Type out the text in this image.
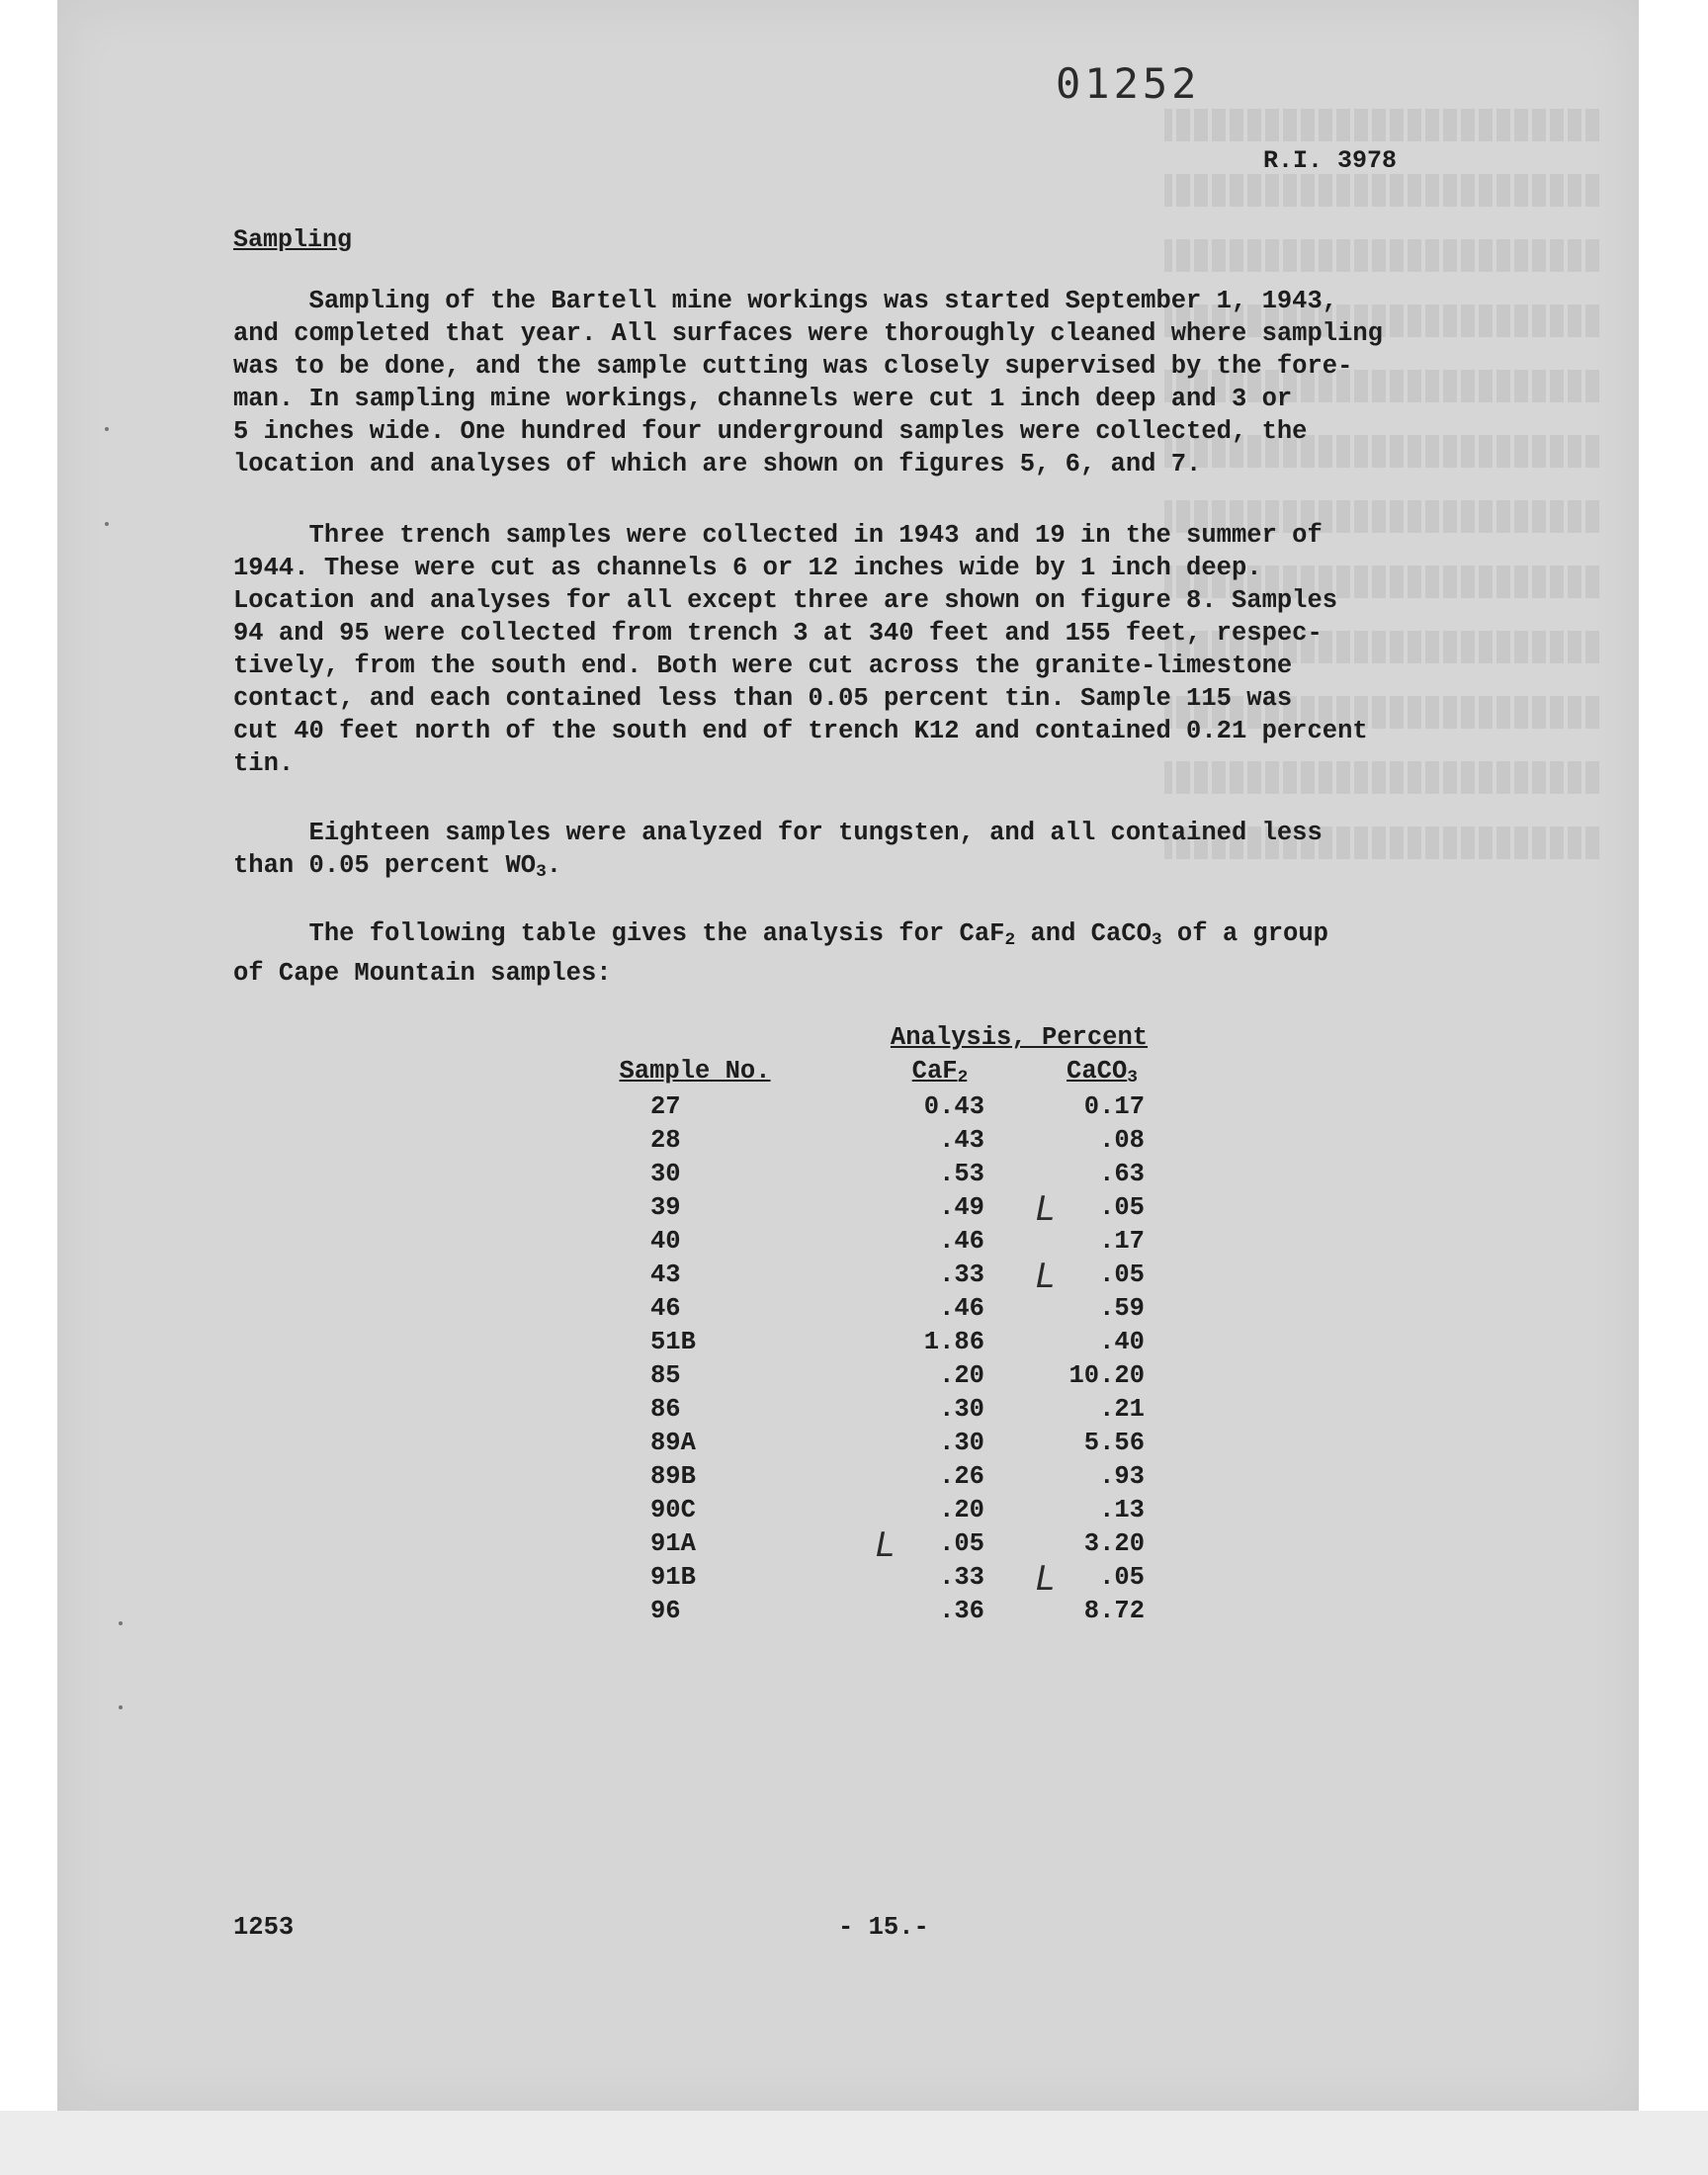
01252
R.I. 3978
Sampling

Sampling of the Bartell mine workings was started September 1, 1943,

and completed that year. All surfaces were thoroughly cleaned where sampling

was to be done, and the sample cutting was closely supervised by the fore-

man. In sampling mine workings, channels were cut 1 inch deep and 3 or

5 inches wide. One hundred four underground samples were collected, the

location and analyses of which are shown on figures 5, 6, and 7.

Three trench samples were collected in 1943 and 19 in the summer of

1944. These were cut as channels 6 or 12 inches wide by 1 inch deep.

Location and analyses for all except three are shown on figure 8. Samples

94 and 95 were collected from trench 3 at 340 feet and 155 feet, respec-

tively, from the south end. Both were cut across the granite-limestone

contact, and each contained less than 0.05 percent tin. Sample 115 was

cut 40 feet north of the south end of trench K12 and contained 0.21 percent

tin.

Eighteen samples were analyzed for tungsten, and all contained less

than 0.05 percent $WO_3$.

The following table gives the analysis for CaF$_2$ and CaCO$_3$ of a group

of Cape Mountain samples:

Analysis, Percent
Sample No.	CaF$_2$	CaCO$_3$
27	0.43	0.17
28	.43	.08
30	.53	.63
39	.49 L	.05
40	.46	.17
43	.33 L	.05
46	.46	.59
51B	1.86	.40
85	.20	10.20
86	.30	.21
89A	.30	5.56
89B	.26	.93
90C	.20	.13
91A	L	.05	3.20
91B	.33 L	.05
96	.36	8.72
1253	- 15.-
